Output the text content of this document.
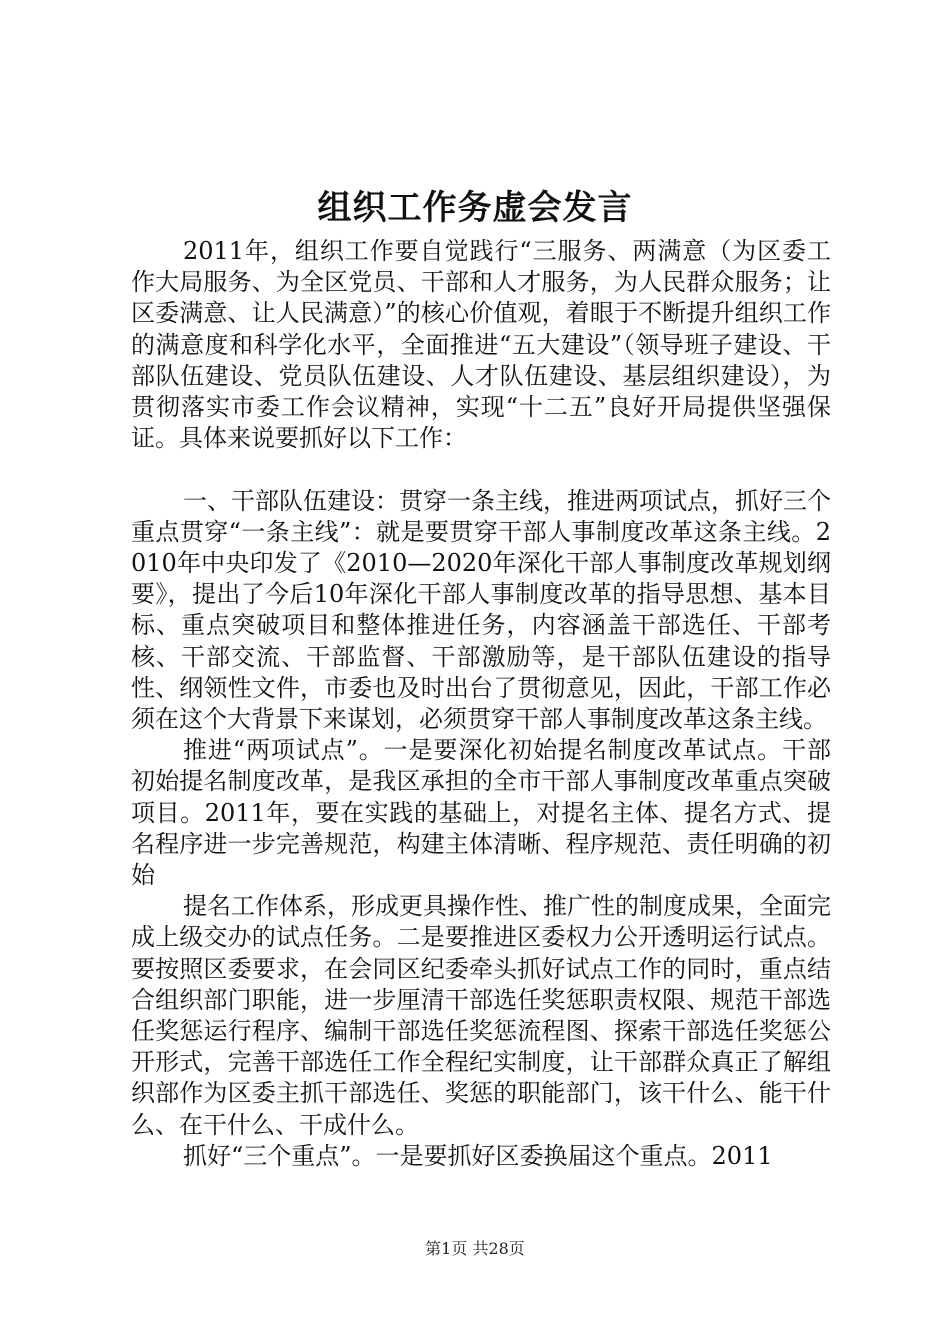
组织工作务虚会发言

2011年，组织工作要自觉践行“三服务、两满意（为区委工作大局服务、为全区党员、干部和人才服务，为人民群众服务；让区委满意、让人民满意）”的核心价值观，着眼于不断提升组织工作的满意度和科学化水平，全面推进“五大建设”（领导班子建设、干部队伍建设、党员队伍建设、人才队伍建设、基层组织建设），为贯彻落实市委工作会议精神，实现“十二五”良好开局提供坚强保证。具体来说要抓好以下工作：

一、干部队伍建设：贯穿一条主线，推进两项试点，抓好三个重点贯穿“一条主线”：就是要贯穿干部人事制度改革这条主线。2010年中央印发了《2010—2020年深化干部人事制度改革规划纲要》，提出了今后10年深化干部人事制度改革的指导思想、基本目标、重点突破项目和整体推进任务，内容涵盖干部选任、干部考核、干部交流、干部监督、干部激励等，是干部队伍建设的指导性、纲领性文件，市委也及时出台了贯彻意见，因此，干部工作必须在这个大背景下来谋划，必须贯穿干部人事制度改革这条主线。

推进“两项试点”。一是要深化初始提名制度改革试点。干部初始提名制度改革，是我区承担的全市干部人事制度改革重点突破项目。2011年，要在实践的基础上，对提名主体、提名方式、提名程序进一步完善规范，构建主体清晰、程序规范、责任明确的初始

提名工作体系，形成更具操作性、推广性的制度成果，全面完成上级交办的试点任务。二是要推进区委权力公开透明运行试点。要按照区委要求，在会同区纪委牵头抓好试点工作的同时，重点结合组织部门职能，进一步厘清干部选任奖惩职责权限、规范干部选任奖惩运行程序、编制干部选任奖惩流程图、探索干部选任奖惩公开形式，完善干部选任工作全程纪实制度，让干部群众真正了解组织部作为区委主抓干部选任、奖惩的职能部门，该干什么、能干什么、在干什么、干成什么。

抓好“三个重点”。一是要抓好区委换届这个重点。2011

第1页 共28页
